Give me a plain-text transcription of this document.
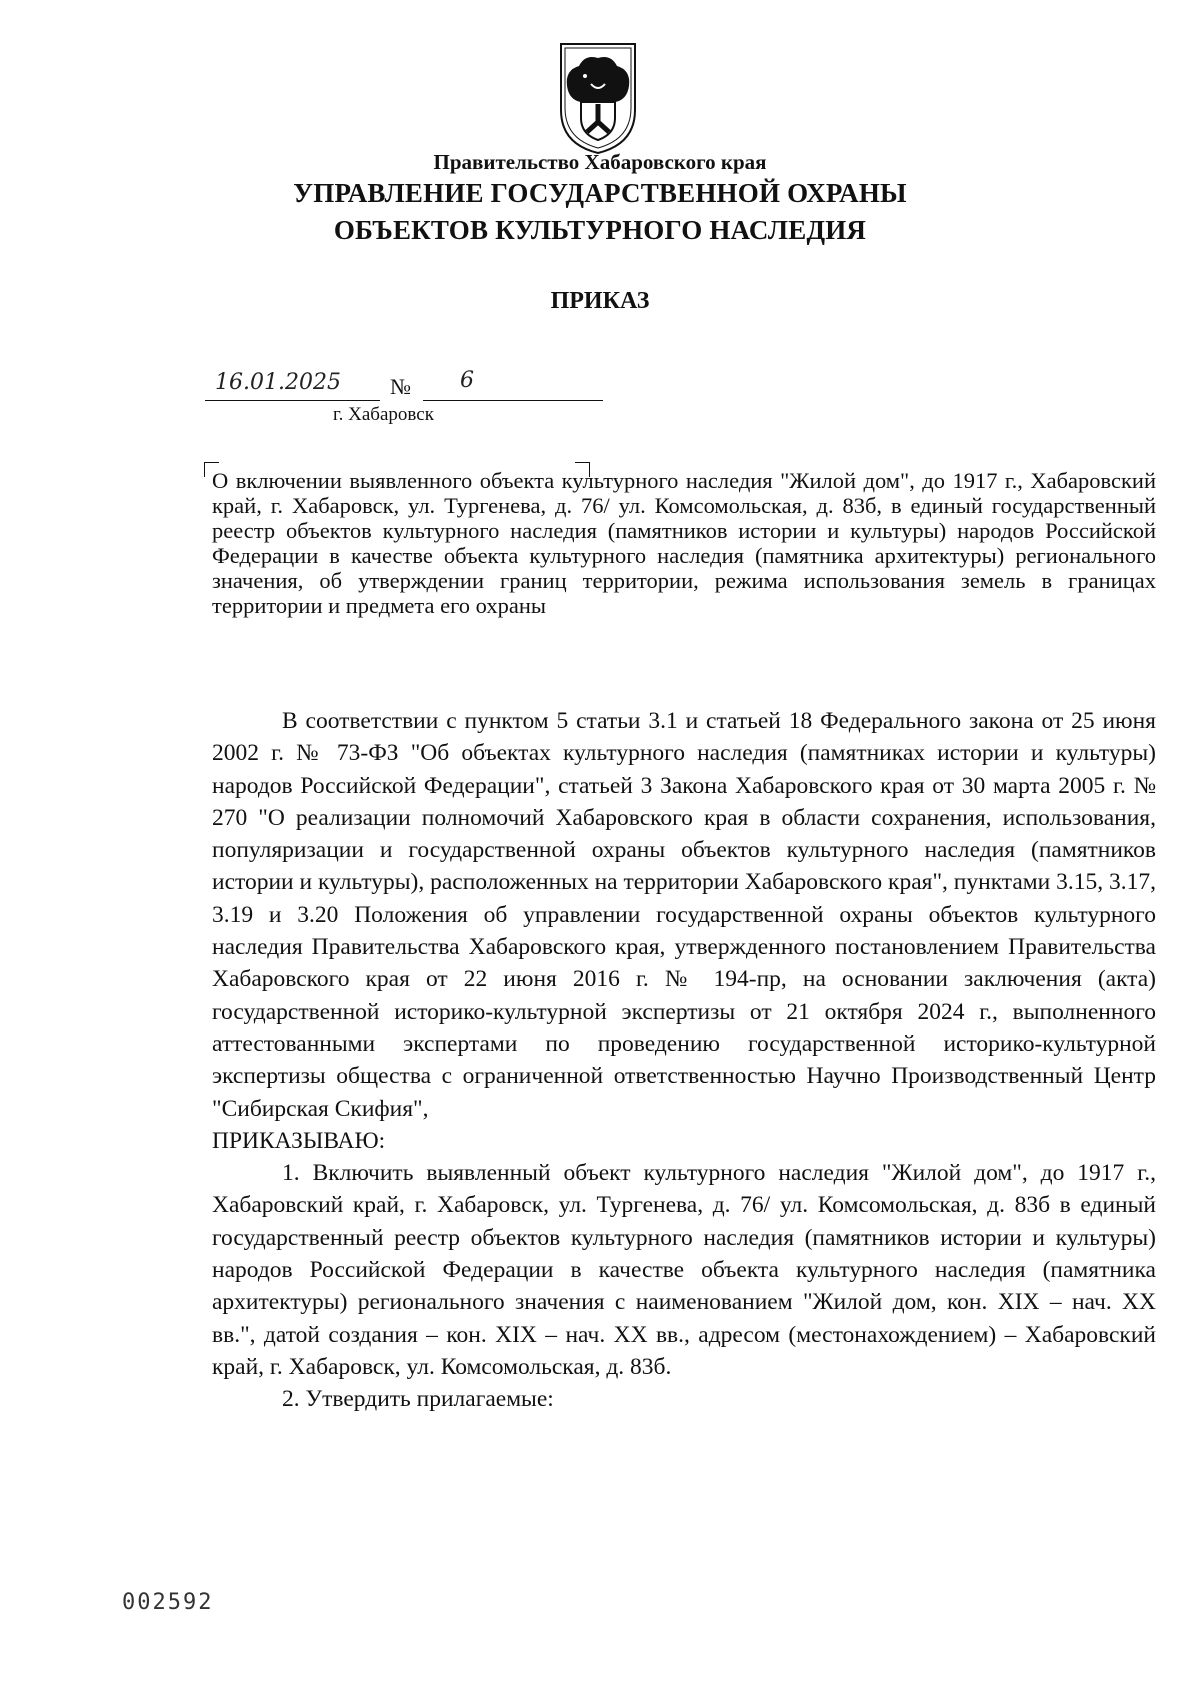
Правительство Хабаровского края
УПРАВЛЕНИЕ ГОСУДАРСТВЕННОЙ ОХРАНЫ
ОБЪЕКТОВ КУЛЬТУРНОГО НАСЛЕДИЯ
ПРИКАЗ
16.01.2025	№ 6
г. Хабаровск

О включении выявленного объекта культурного наследия "Жилой дом", до 1917 г., Хабаровский край, г. Хабаровск, ул. Тургенева, д. 76/ ул. Комсомольская, д. 83б, в единый государственный реестр объектов культурного наследия (памятников истории и культуры) народов Российской Федерации в качестве объекта культурного наследия (памятника архитектуры) регионального значения, об утверждении границ территории, режима использования земель в границах территории и предмета его охраны

В соответствии с пунктом 5 статьи 3.1 и статьей 18 Федерального закона от 25 июня 2002 г. № 73-ФЗ "Об объектах культурного наследия (памятниках истории и культуры) народов Российской Федерации", статьей 3 Закона Хабаровского края от 30 марта 2005 г. № 270 "О реализации полномочий Хабаровского края в области сохранения, использования, популяризации и государственной охраны объектов культурного наследия (памятников истории и культуры), расположенных на территории Хабаровского края", пунктами 3.15, 3.17, 3.19 и 3.20 Положения об управлении государственной охраны объектов культурного наследия Правительства Хабаровского края, утвержденного постановлением Правительства Хабаровского края от 22 июня 2016 г. № 194-пр, на основании заключения (акта) государственной историко-культурной экспертизы от 21 октября 2024 г., выполненного аттестованными экспертами по проведению государственной историко-культурной экспертизы общества с ограниченной ответственностью Научно Производственный Центр "Сибирская Скифия",

ПРИКАЗЫВАЮ:

1. Включить выявленный объект культурного наследия "Жилой дом", до 1917 г., Хабаровский край, г. Хабаровск, ул. Тургенева, д. 76/ ул. Комсомольская, д. 83б в единый государственный реестр объектов культурного наследия (памятников истории и культуры) народов Российской Федерации в качестве объекта культурного наследия (памятника архитектуры) регионального значения с наименованием "Жилой дом, кон. XIX – нач. XX вв.", датой создания – кон. XIX – нач. XX вв., адресом (местонахождением) – Хабаровский край, г. Хабаровск, ул. Комсомольская, д. 83б.

2. Утвердить прилагаемые:

002592
